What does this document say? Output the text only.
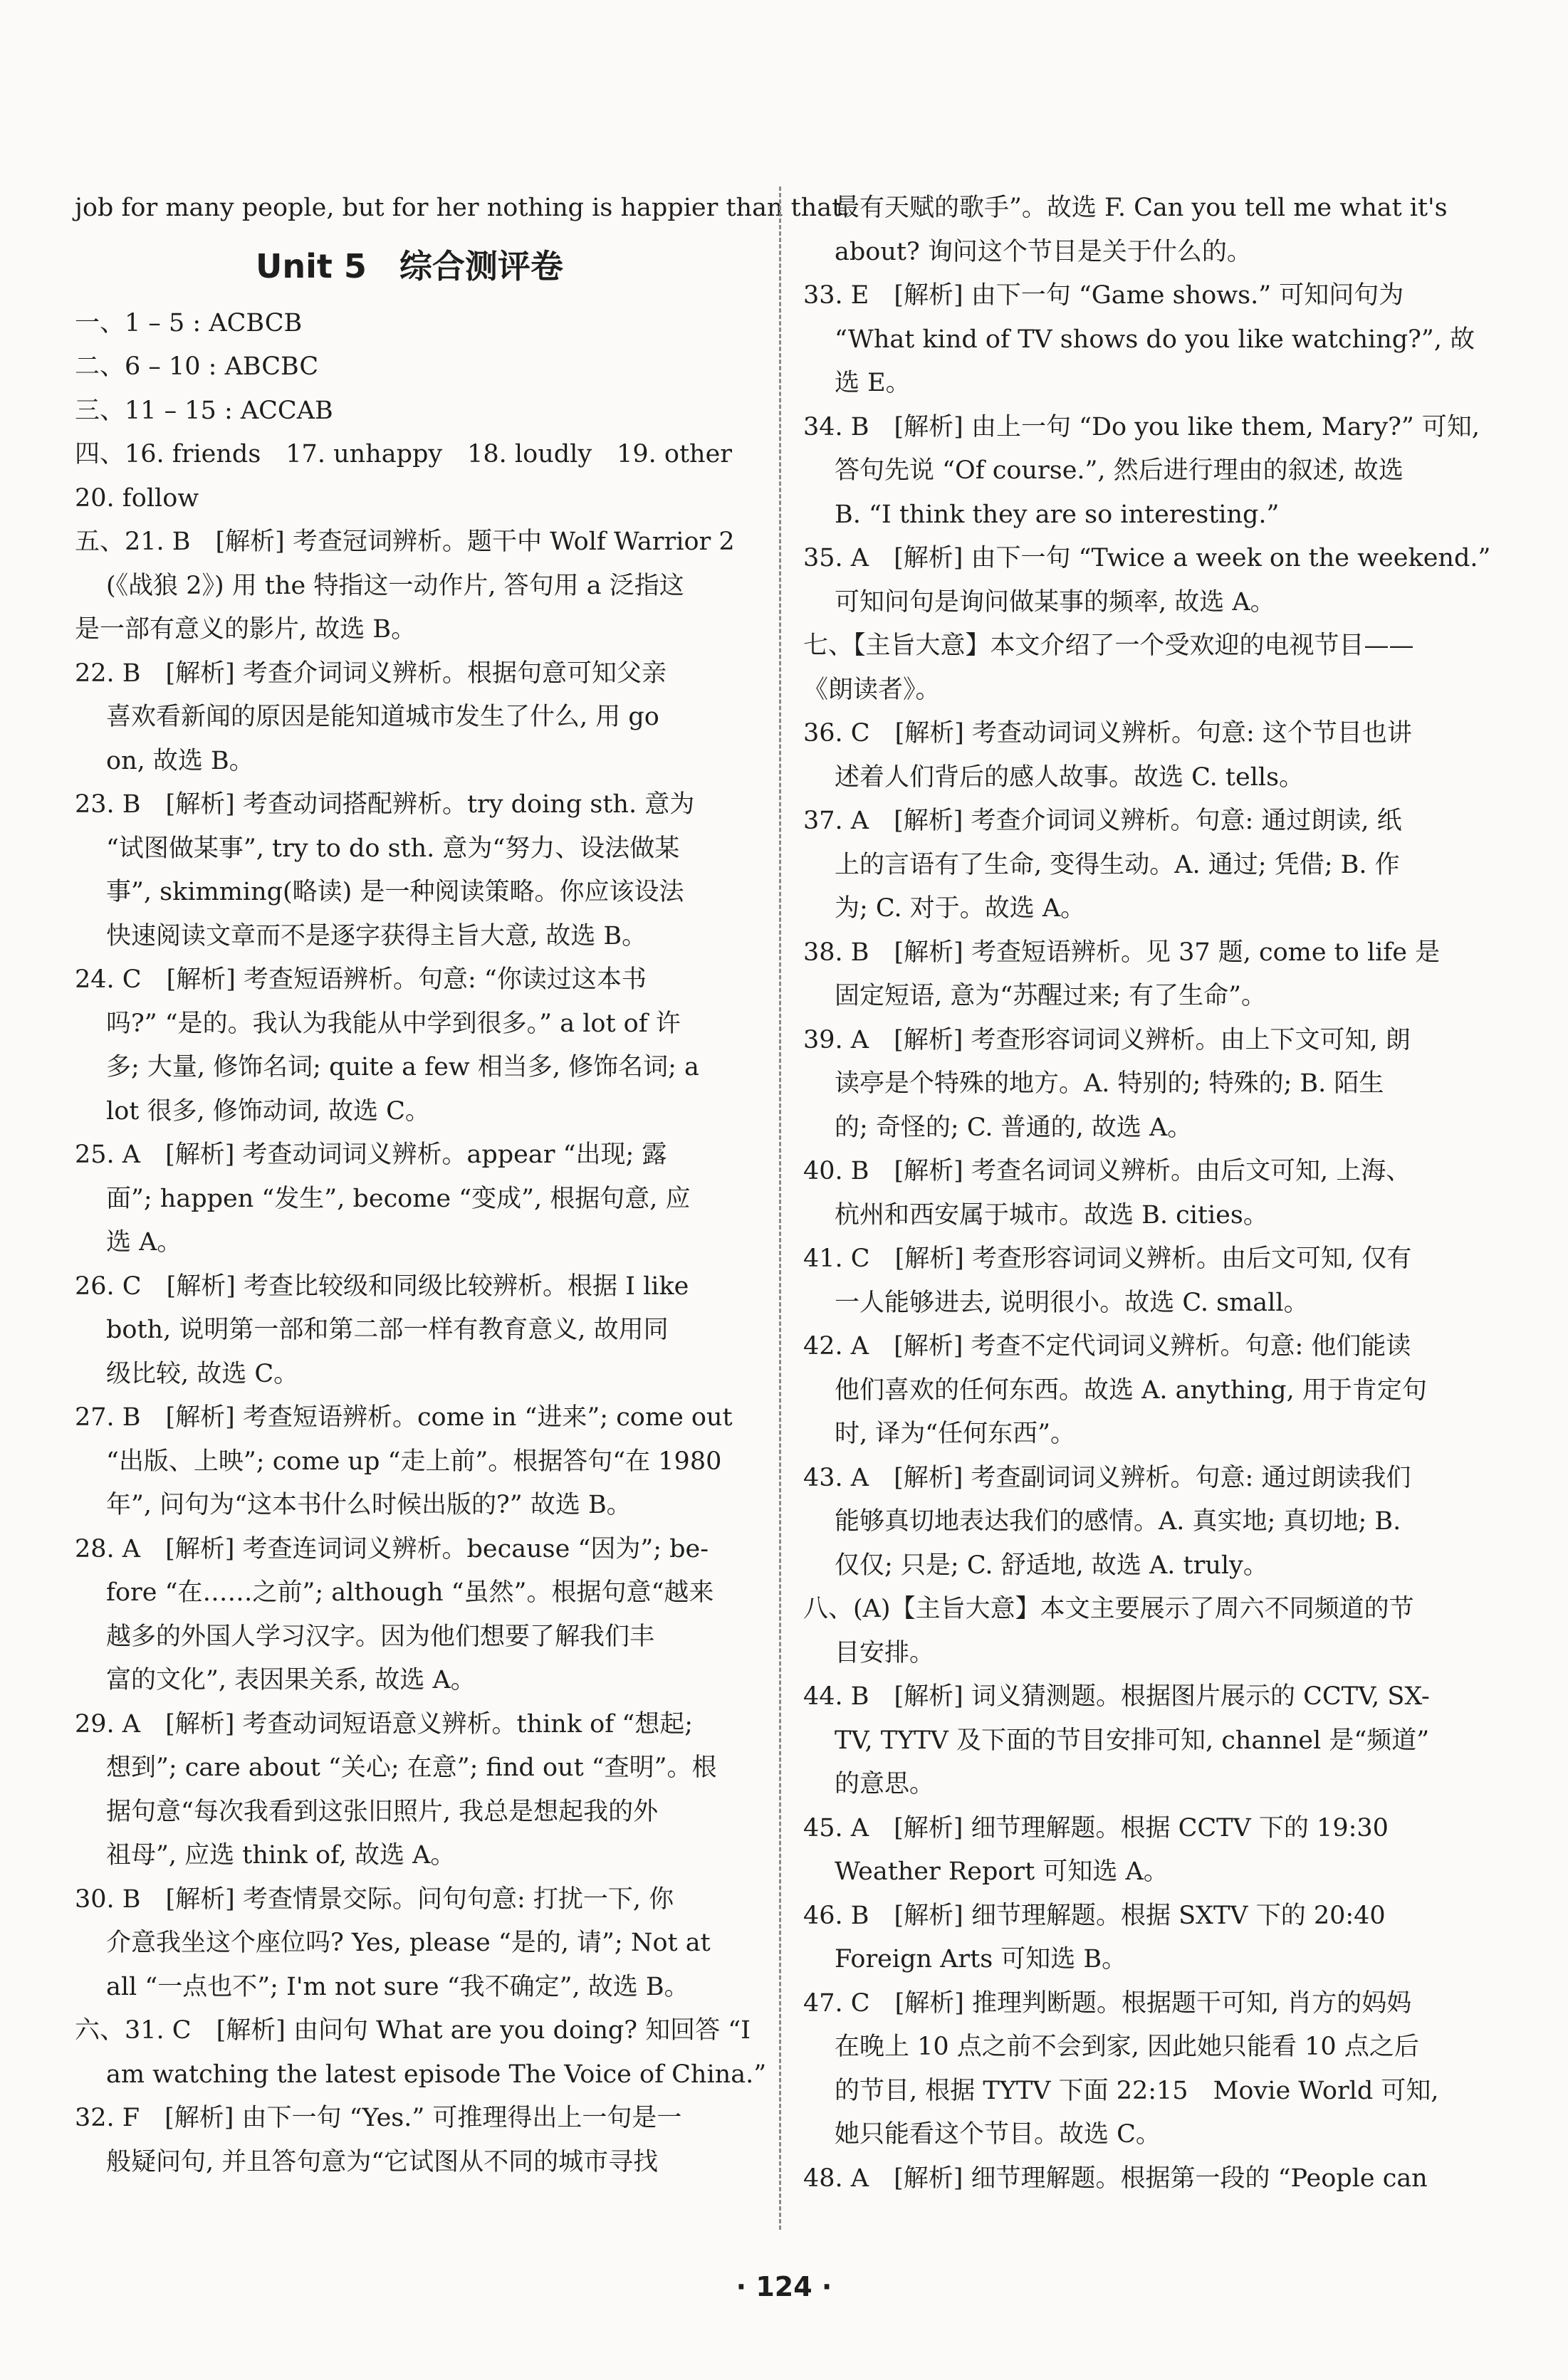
job for many people, but for her nothing is happier than that.
Unit 5　综合测评卷
一、1 – 5 : ACBCB
二、6 – 10 : ABCBC
三、11 – 15 : ACCAB
四、16. friends　17. unhappy　18. loudly　19. other
20. follow
五、21. B　[解析] 考查冠词辨析。题干中 Wolf Warrior 2
(《战狼 2》) 用 the 特指这一动作片, 答句用 a 泛指这
是一部有意义的影片, 故选 B。
22. B　[解析] 考查介词词义辨析。根据句意可知父亲
喜欢看新闻的原因是能知道城市发生了什么, 用 go
on, 故选 B。
23. B　[解析] 考查动词搭配辨析。try doing sth. 意为
“试图做某事”, try to do sth. 意为“努力、设法做某
事”, skimming(略读) 是一种阅读策略。你应该设法
快速阅读文章而不是逐字获得主旨大意, 故选 B。
24. C　[解析] 考查短语辨析。句意: “你读过这本书
吗?” “是的。我认为我能从中学到很多。” a lot of 许
多; 大量, 修饰名词; quite a few 相当多, 修饰名词; a
lot 很多, 修饰动词, 故选 C。
25. A　[解析] 考查动词词义辨析。appear “出现; 露
面”; happen “发生”, become “变成”, 根据句意, 应
选 A。
26. C　[解析] 考查比较级和同级比较辨析。根据 I like
both, 说明第一部和第二部一样有教育意义, 故用同
级比较, 故选 C。
27. B　[解析] 考查短语辨析。come in “进来”; come out
“出版、上映”; come up “走上前”。根据答句“在 1980
年”, 问句为“这本书什么时候出版的?” 故选 B。
28. A　[解析] 考查连词词义辨析。because “因为”; be-
fore “在……之前”; although “虽然”。根据句意“越来
越多的外国人学习汉字。因为他们想要了解我们丰
富的文化”, 表因果关系, 故选 A。
29. A　[解析] 考查动词短语意义辨析。think of “想起;
想到”; care about “关心; 在意”; find out “查明”。根
据句意“每次我看到这张旧照片, 我总是想起我的外
祖母”, 应选 think of, 故选 A。
30. B　[解析] 考查情景交际。问句句意: 打扰一下, 你
介意我坐这个座位吗? Yes, please “是的, 请”; Not at
all “一点也不”; I'm not sure “我不确定”, 故选 B。
六、31. C　[解析] 由问句 What are you doing? 知回答 “I
am watching the latest episode The Voice of China.”
32. F　[解析] 由下一句 “Yes.” 可推理得出上一句是一
般疑问句, 并且答句意为“它试图从不同的城市寻找
最有天赋的歌手”。故选 F. Can you tell me what it's
about? 询问这个节目是关于什么的。
33. E　[解析] 由下一句 “Game shows.” 可知问句为
“What kind of TV shows do you like watching?”, 故
选 E。
34. B　[解析] 由上一句 “Do you like them, Mary?” 可知,
答句先说 “Of course.”, 然后进行理由的叙述, 故选
B. “I think they are so interesting.”
35. A　[解析] 由下一句 “Twice a week on the weekend.”
可知问句是询问做某事的频率, 故选 A。
七、【主旨大意】本文介绍了一个受欢迎的电视节目——
《朗读者》。
36. C　[解析] 考查动词词义辨析。句意: 这个节目也讲
述着人们背后的感人故事。故选 C. tells。
37. A　[解析] 考查介词词义辨析。句意: 通过朗读, 纸
上的言语有了生命, 变得生动。A. 通过; 凭借; B. 作
为; C. 对于。故选 A。
38. B　[解析] 考查短语辨析。见 37 题, come to life 是
固定短语, 意为“苏醒过来; 有了生命”。
39. A　[解析] 考查形容词词义辨析。由上下文可知, 朗
读亭是个特殊的地方。A. 特别的; 特殊的; B. 陌生
的; 奇怪的; C. 普通的, 故选 A。
40. B　[解析] 考查名词词义辨析。由后文可知, 上海、
杭州和西安属于城市。故选 B. cities。
41. C　[解析] 考查形容词词义辨析。由后文可知, 仅有
一人能够进去, 说明很小。故选 C. small。
42. A　[解析] 考查不定代词词义辨析。句意: 他们能读
他们喜欢的任何东西。故选 A. anything, 用于肯定句
时, 译为“任何东西”。
43. A　[解析] 考查副词词义辨析。句意: 通过朗读我们
能够真切地表达我们的感情。A. 真实地; 真切地; B.
仅仅; 只是; C. 舒适地, 故选 A. truly。
八、(A)【主旨大意】本文主要展示了周六不同频道的节
目安排。
44. B　[解析] 词义猜测题。根据图片展示的 CCTV, SX-
TV, TYTV 及下面的节目安排可知, channel 是“频道”
的意思。
45. A　[解析] 细节理解题。根据 CCTV 下的 19:30
Weather Report 可知选 A。
46. B　[解析] 细节理解题。根据 SXTV 下的 20:40
Foreign Arts 可知选 B。
47. C　[解析] 推理判断题。根据题干可知, 肖方的妈妈
在晚上 10 点之前不会到家, 因此她只能看 10 点之后
的节目, 根据 TYTV 下面 22:15　Movie World 可知,
她只能看这个节目。故选 C。
48. A　[解析] 细节理解题。根据第一段的 “People can
· 124 ·
